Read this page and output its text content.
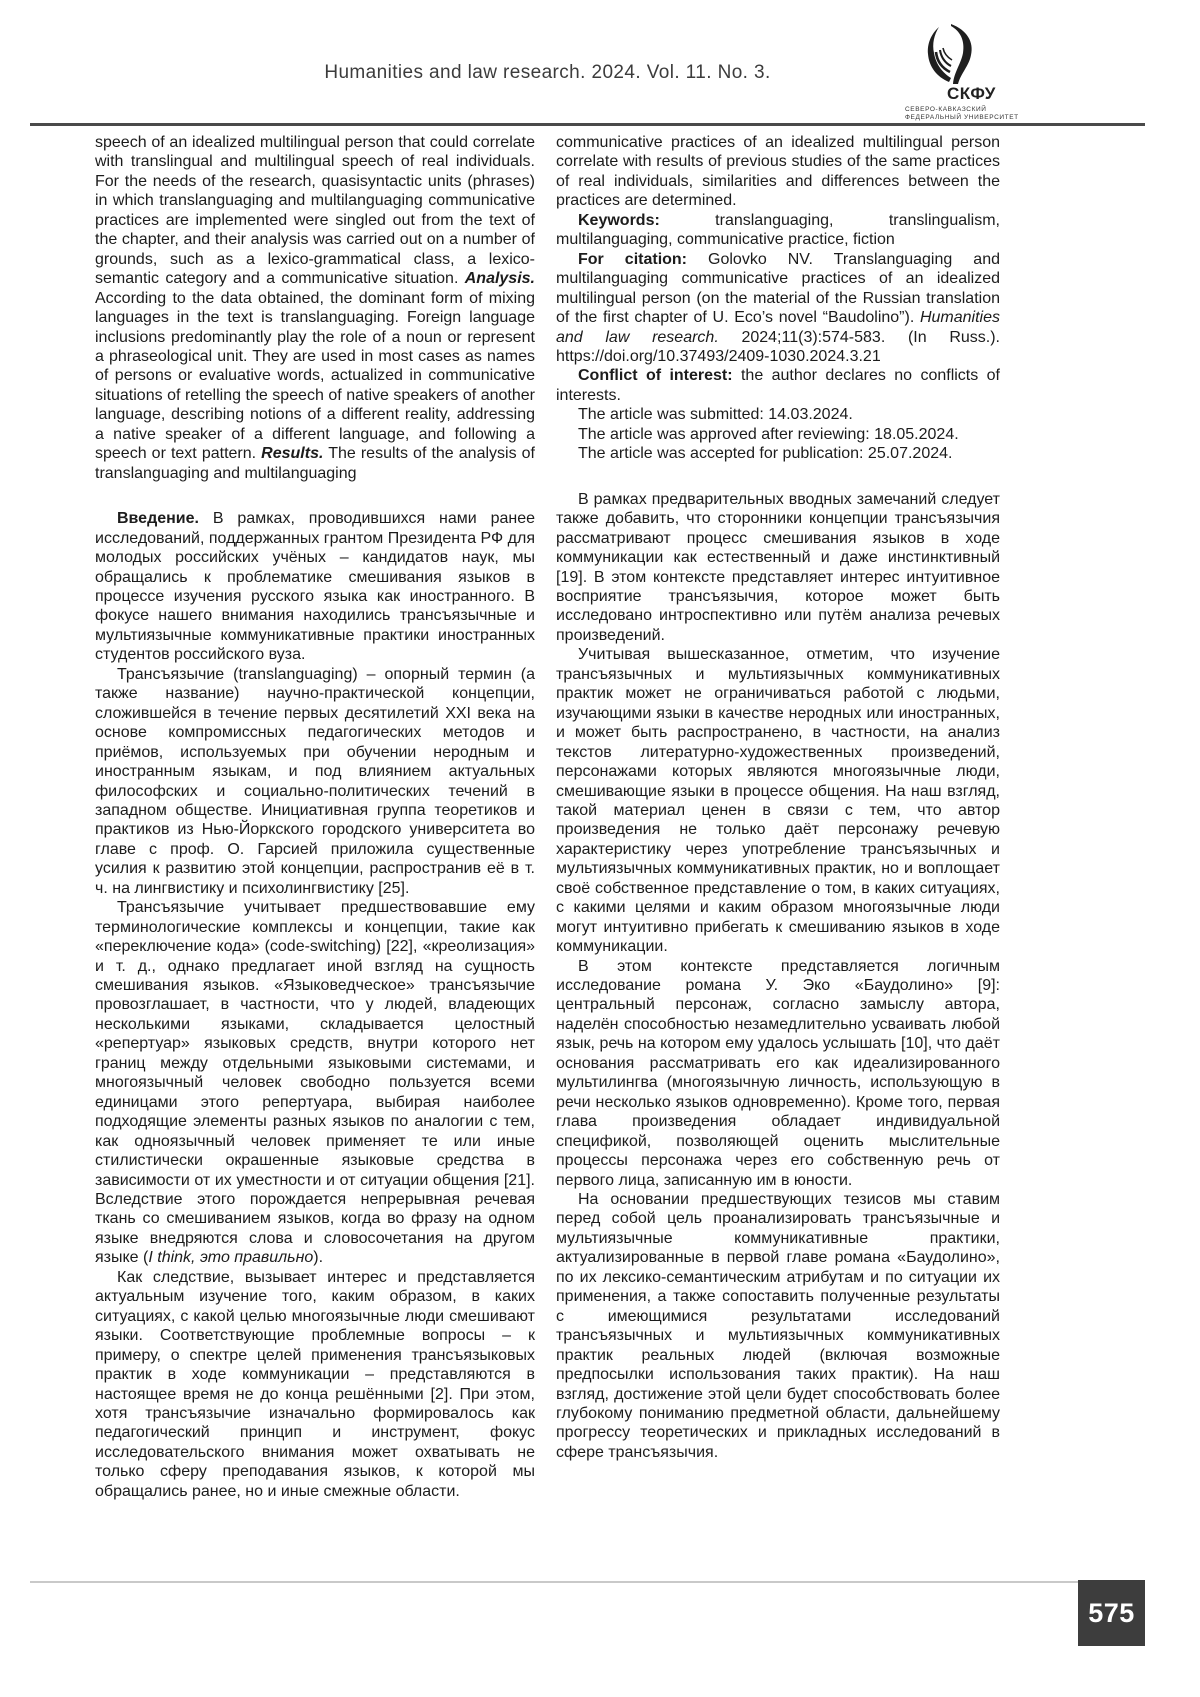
Humanities and law research. 2024. Vol. 11. No. 3.
СКФУ
СЕВЕРО-КАВКАЗСКИЙ
ФЕДЕРАЛЬНЫЙ УНИВЕРСИТЕТ

speech of an idealized multilingual person that could correlate with translingual and multilingual speech of real individuals. For the needs of the research, quasisyntactic units (phrases) in which translanguaging and multilanguaging communicative practices are implemented were singled out from the text of the chapter, and their analysis was carried out on a number of grounds, such as a lexico-grammatical class, a lexico-semantic category and a communicative situation. Analysis. According to the data obtained, the dominant form of mixing languages in the text is translanguaging. Foreign language inclusions predominantly play the role of a noun or represent a phraseological unit. They are used in most cases as names of persons or evaluative words, actualized in communicative situations of retelling the speech of native speakers of another language, describing notions of a different reality, addressing a native speaker of a different language, and following a speech or text pattern. Results. The results of the analysis of translanguaging and multilanguaging

Введение. В рамках, проводившихся нами ранее исследований, поддержанных грантом Президента РФ для молодых российских учёных – кандидатов наук, мы обращались к проблематике смешивания языков в процессе изучения русского языка как иностранного. В фокусе нашего внимания находились трансъязычные и мультиязычные коммуникативные практики иностранных студентов российского вуза.

Трансъязычие (translanguaging) – опорный термин (а также название) научно-практической концепции, сложившейся в течение первых десятилетий XXI века на основе компромиссных педагогических методов и приёмов, используемых при обучении неродным и иностранным языкам, и под влиянием актуальных философских и социально-политических течений в западном обществе. Инициативная группа теоретиков и практиков из Нью-Йоркского городского университета во главе с проф. О. Гарсией приложила существенные усилия к развитию этой концепции, распространив её в т. ч. на лингвистику и психолингвистику [25].

Трансъязычие учитывает предшествовавшие ему терминологические комплексы и концепции, такие как «переключение кода» (code-switching) [22], «креолизация» и т. д., однако предлагает иной взгляд на сущность смешивания языков. «Языковедческое» трансъязычие провозглашает, в частности, что у людей, владеющих несколькими языками, складывается целостный «репертуар» языковых средств, внутри которого нет границ между отдельными языковыми системами, и многоязычный человек свободно пользуется всеми единицами этого репертуара, выбирая наиболее подходящие элементы разных языков по аналогии с тем, как одноязычный человек применяет те или иные стилистически окрашенные языковые средства в зависимости от их уместности и от ситуации общения [21]. Вследствие этого порождается непрерывная речевая ткань со смешиванием языков, когда во фразу на одном языке внедряются слова и словосочетания на другом языке (I think, это правильно).

Как следствие, вызывает интерес и представляется актуальным изучение того, каким образом, в каких ситуациях, с какой целью многоязычные люди смешивают языки. Соответствующие проблемные вопросы – к примеру, о спектре целей применения трансъязыковых практик в ходе коммуникации – представляются в настоящее время не до конца решёнными [2]. При этом, хотя трансъязычие изначально формировалось как педагогический принцип и инструмент, фокус исследовательского внимания может охватывать не только сферу преподавания языков, к которой мы обращались ранее, но и иные смежные области.

communicative practices of an idealized multilingual person correlate with results of previous studies of the same practices of real individuals, similarities and differences between the practices are determined.

Keywords: translanguaging, translingualism, multilanguaging, communicative practice, fiction

For citation: Golovko NV. Translanguaging and multilanguaging communicative practices of an idealized multilingual person (on the material of the Russian translation of the first chapter of U. Eco’s novel “Baudolino”). Humanities and law research. 2024;11(3):574-583. (In Russ.). https://doi.org/10.37493/2409-1030.2024.3.21

Conflict of interest: the author declares no conflicts of interests.

The article was submitted: 14.03.2024.

The article was approved after reviewing: 18.05.2024.

The article was accepted for publication: 25.07.2024.

В рамках предварительных вводных замечаний следует также добавить, что сторонники концепции трансъязычия рассматривают процесс смешивания языков в ходе коммуникации как естественный и даже инстинктивный [19]. В этом контексте представляет интерес интуитивное восприятие трансъязычия, которое может быть исследовано интроспективно или путём анализа речевых произведений.

Учитывая вышесказанное, отметим, что изучение трансъязычных и мультиязычных коммуникативных практик может не ограничиваться работой с людьми, изучающими языки в качестве неродных или иностранных, и может быть распространено, в частности, на анализ текстов литературно-художественных произведений, персонажами которых являются многоязычные люди, смешивающие языки в процессе общения. На наш взгляд, такой материал ценен в связи с тем, что автор произведения не только даёт персонажу речевую характеристику через употребление трансъязычных и мультиязычных коммуникативных практик, но и воплощает своё собственное представление о том, в каких ситуациях, с какими целями и каким образом многоязычные люди могут интуитивно прибегать к смешиванию языков в ходе коммуникации.

В этом контексте представляется логичным исследование романа У. Эко «Баудолино» [9]: центральный персонаж, согласно замыслу автора, наделён способностью незамедлительно усваивать любой язык, речь на котором ему удалось услышать [10], что даёт основания рассматривать его как идеализированного мультилингва (многоязычную личность, использующую в речи несколько языков одновременно). Кроме того, первая глава произведения обладает индивидуальной спецификой, позволяющей оценить мыслительные процессы персонажа через его собственную речь от первого лица, записанную им в юности.

На основании предшествующих тезисов мы ставим перед собой цель проанализировать трансъязычные и мультиязычные коммуникативные практики, актуализированные в первой главе романа «Баудолино», по их лексико-семантическим атрибутам и по ситуации их применения, а также сопоставить полученные результаты с имеющимися результатами исследований трансъязычных и мультиязычных коммуникативных практик реальных людей (включая возможные предпосылки использования таких практик). На наш взгляд, достижение этой цели будет способствовать более глубокому пониманию предметной области, дальнейшему прогрессу теоретических и прикладных исследований в сфере трансъязычия.

575
